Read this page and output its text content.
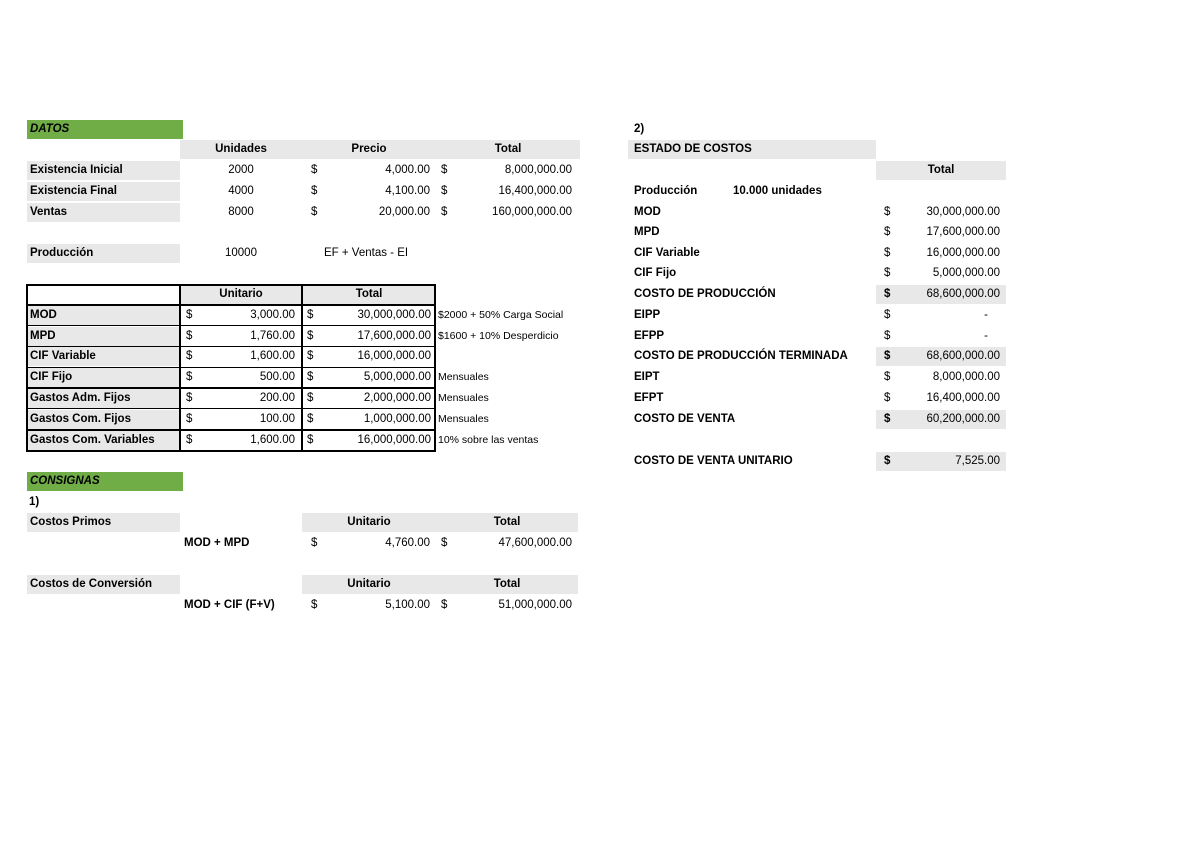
DATOS
Unidades	Precio	Total
Existencia Inicial	2000	$	4,000.00 $	8,000,000.00
Existencia Final	4000	$	4,100.00 $	16,400,000.00
Ventas	8000	$	20,000.00 $	160,000,000.00
Producción	10000	EF + Ventas - EI
Unitario	Total
MOD	$	3,000.00 $	30,000,000.00 $2000 + 50% Carga Social
MPD	$	1,760.00 $	17,600,000.00 $1600 + 10% Desperdicio
CIF Variable	$	1,600.00 $	16,000,000.00
CIF Fijo	$	500.00 $	5,000,000.00 Mensuales
Gastos Adm. Fijos	$	200.00 $	2,000,000.00 Mensuales
Gastos Com. Fijos	$	100.00 $	1,000,000.00 Mensuales
Gastos Com. Variables	$	1,600.00 $	16,000,000.00 10% sobre las ventas
CONSIGNAS
1)
Costos Primos	Unitario	Total
MOD + MPD	$	4,760.00 $	47,600,000.00
Costos de Conversión	Unitario	Total
MOD + CIF (F+V)	$	5,100.00 $	51,000,000.00
2)
ESTADO DE COSTOS
Total
Producción	10.000 unidades
MOD	$	30,000,000.00
MPD	$	17,600,000.00
CIF Variable	$	16,000,000.00
CIF Fijo	$	5,000,000.00
COSTO DE PRODUCCIÓN	$	68,600,000.00
EIPP	$	-
EFPP	$	-
COSTO DE PRODUCCIÓN TERMINADA	$	68,600,000.00
EIPT	$	8,000,000.00
EFPT	$	16,400,000.00
COSTO DE VENTA	$	60,200,000.00
COSTO DE VENTA UNITARIO	$	7,525.00
